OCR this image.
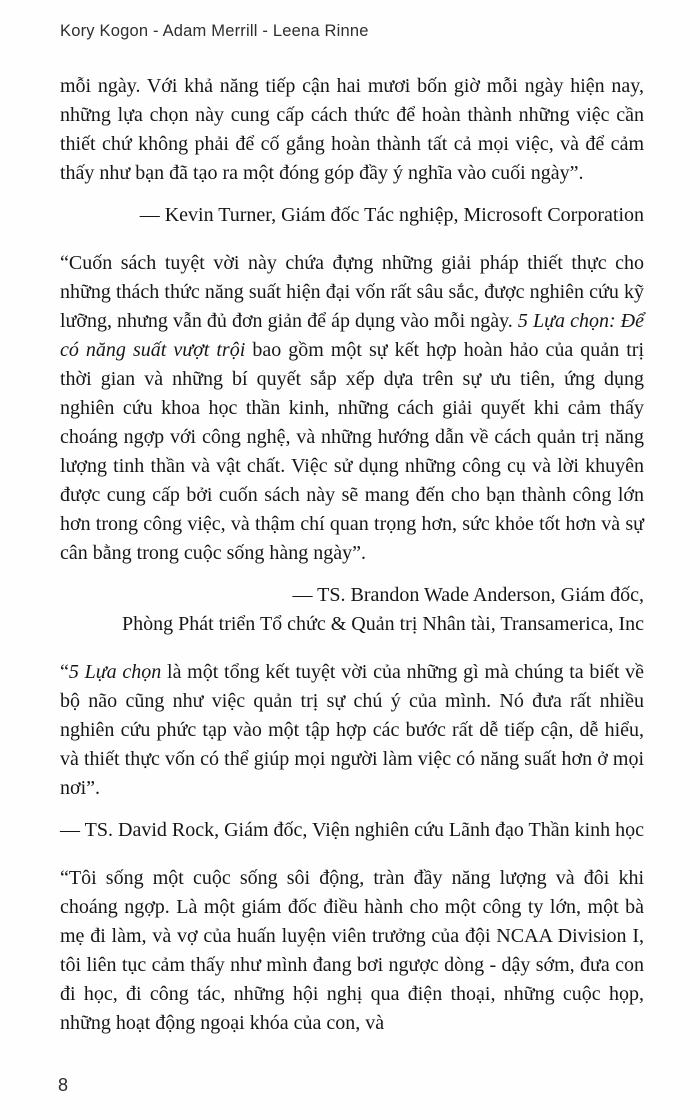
Kory Kogon - Adam Merrill - Leena Rinne

mỗi ngày. Với khả năng tiếp cận hai mươi bốn giờ mỗi ngày hiện nay, những lựa chọn này cung cấp cách thức để hoàn thành những việc cần thiết chứ không phải để cố gắng hoàn thành tất cả mọi việc, và để cảm thấy như bạn đã tạo ra một đóng góp đầy ý nghĩa vào cuối ngày”.

— Kevin Turner, Giám đốc Tác nghiệp, Microsoft Corporation

“Cuốn sách tuyệt vời này chứa đựng những giải pháp thiết thực cho những thách thức năng suất hiện đại vốn rất sâu sắc, được nghiên cứu kỹ lưỡng, nhưng vẫn đủ đơn giản để áp dụng vào mỗi ngày. 5 Lựa chọn: Để có năng suất vượt trội bao gồm một sự kết hợp hoàn hảo của quản trị thời gian và những bí quyết sắp xếp dựa trên sự ưu tiên, ứng dụng nghiên cứu khoa học thần kinh, những cách giải quyết khi cảm thấy choáng ngợp với công nghệ, và những hướng dẫn về cách quản trị năng lượng tinh thần và vật chất. Việc sử dụng những công cụ và lời khuyên được cung cấp bởi cuốn sách này sẽ mang đến cho bạn thành công lớn hơn trong công việc, và thậm chí quan trọng hơn, sức khỏe tốt hơn và sự cân bằng trong cuộc sống hàng ngày”.

— TS. Brandon Wade Anderson, Giám đốc,
Phòng Phát triển Tổ chức & Quản trị Nhân tài, Transamerica, Inc

“5 Lựa chọn là một tổng kết tuyệt vời của những gì mà chúng ta biết về bộ não cũng như việc quản trị sự chú ý của mình. Nó đưa rất nhiều nghiên cứu phức tạp vào một tập hợp các bước rất dễ tiếp cận, dễ hiểu, và thiết thực vốn có thể giúp mọi người làm việc có năng suất hơn ở mọi nơi”.

— TS. David Rock, Giám đốc, Viện nghiên cứu Lãnh đạo Thần kinh học

“Tôi sống một cuộc sống sôi động, tràn đầy năng lượng và đôi khi choáng ngợp. Là một giám đốc điều hành cho một công ty lớn, một bà mẹ đi làm, và vợ của huấn luyện viên trưởng của đội NCAA Division I, tôi liên tục cảm thấy như mình đang bơi ngược dòng - dậy sớm, đưa con đi học, đi công tác, những hội nghị qua điện thoại, những cuộc họp, những hoạt động ngoại khóa của con, và

8
